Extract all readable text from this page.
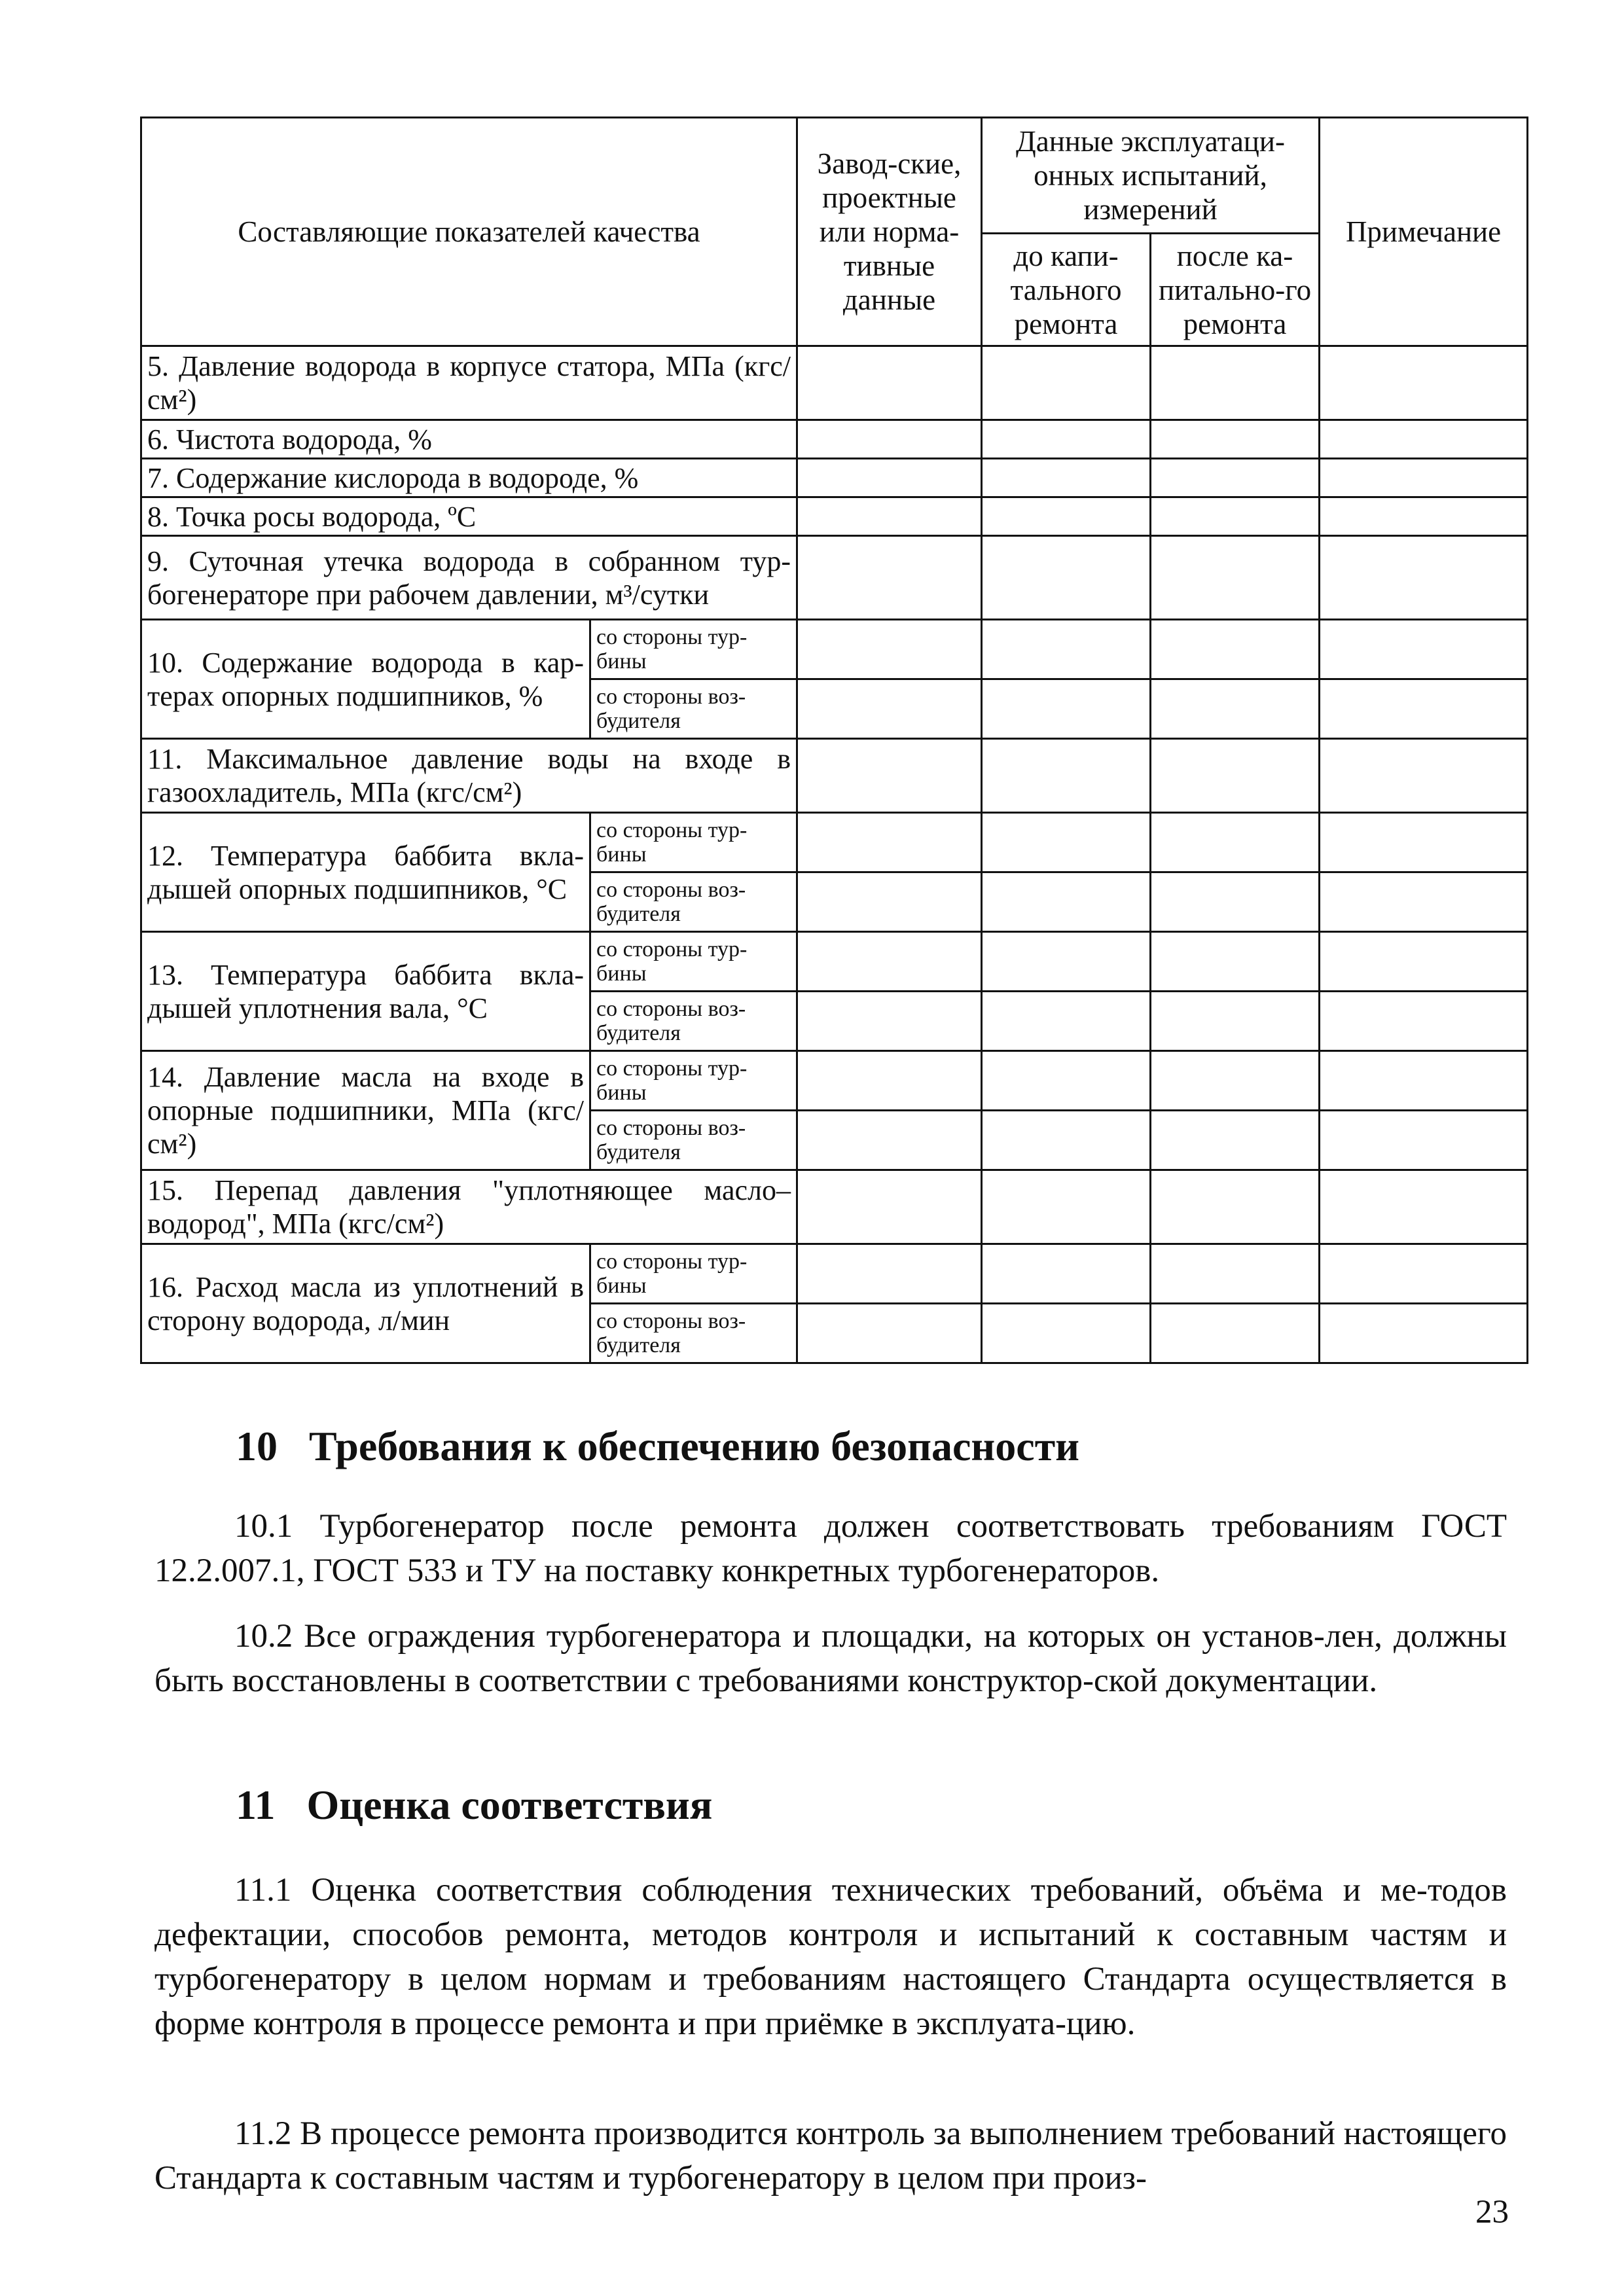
Составляющие показателей качества		Завод-ские, проектные или норма-тивные данные	Данные эксплуатаци-онных испытаний, измерений		Примечание
			до капи-тального ремонта	после ка-питально-го ремонта	
5. Давление водорода в корпусе статора, МПа (кгс/см²)					
6. Чистота водорода, %					
7. Содержание кислорода в водороде, %					
8. Точка росы водорода, ºС					
9. Суточная утечка водорода в собранном тур-богенераторе при рабочем давлении, м³/сутки					
10. Содержание водорода в кар-терах опорных подшипников, %	со стороны тур-бины				
	со стороны воз-будителя				
11. Максимальное давление воды на входе в газоохладитель, МПа (кгс/см²)					
12. Температура баббита вкла-дышей опорных подшипников, °С	со стороны тур-бины				
	со стороны воз-будителя				
13. Температура баббита вкла-дышей уплотнения вала, °С	со стороны тур-бины				
	со стороны воз-будителя				
14. Давление масла на входе в опорные подшипники, МПа (кгс/см²)	со стороны тур-бины				
	со стороны воз-будителя				
15. Перепад давления "уплотняющее масло–водород", МПа (кгс/см²)					
16. Расход масла из уплотнений в сторону водорода, л/мин	со стороны тур-бины				
	со стороны воз-будителя				
10   Требования к обеспечению безопасности

10.1 Турбогенератор после ремонта должен соответствовать требованиям ГОСТ 12.2.007.1, ГОСТ 533 и ТУ на поставку конкретных турбогенераторов.

10.2 Все ограждения турбогенератора и площадки, на которых он установ-лен, должны быть восстановлены в соответствии с требованиями конструктор-ской документации.

11   Оценка соответствия

11.1 Оценка соответствия соблюдения технических требований, объёма и ме-тодов дефектации, способов ремонта, методов контроля и испытаний к составным частям и турбогенератору в целом нормам и требованиям настоящего Стандарта осуществляется в форме контроля в процессе ремонта и при приёмке в эксплуата-цию.

11.2 В процессе ремонта производится контроль за выполнением требований настоящего Стандарта к составным частям и турбогенератору в целом при произ-

23
